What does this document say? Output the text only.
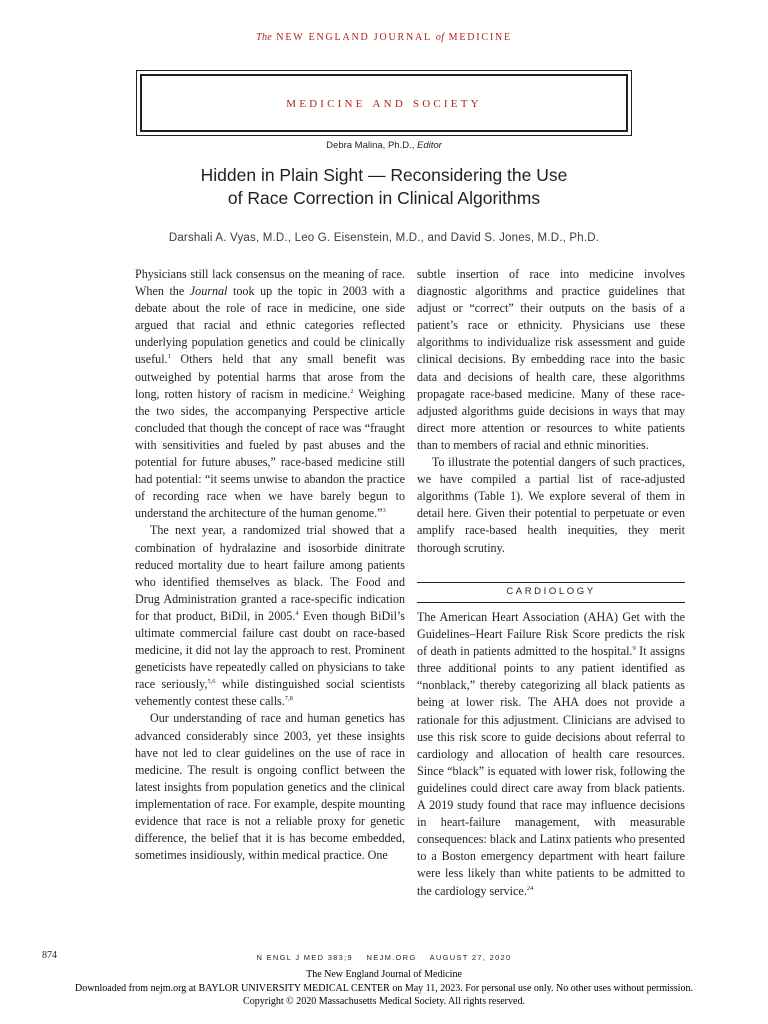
The NEW ENGLAND JOURNAL of MEDICINE
medicine and society
Debra Malina, Ph.D., Editor
Hidden in Plain Sight — Reconsidering the Use
of Race Correction in Clinical Algorithms
Darshali A. Vyas, M.D., Leo G. Eisenstein, M.D., and David S. Jones, M.D., Ph.D.

Physicians still lack consensus on the meaning of race. When the Journal took up the topic in 2003 with a debate about the role of race in medicine, one side argued that racial and ethnic categories reflected underlying population genetics and could be clinically useful.$^1$ Others held that any small benefit was outweighed by potential harms that arose from the long, rotten history of racism in medicine.$^2$ Weighing the two sides, the accompanying Perspective article concluded that though the concept of race was “fraught with sensitivities and fueled by past abuses and the potential for future abuses,” race-based medicine still had potential: “it seems unwise to abandon the practice of recording race when we have barely begun to understand the architecture of the human genome.”$^3$

The next year, a randomized trial showed that a combination of hydralazine and isosorbide dinitrate reduced mortality due to heart failure among patients who identified themselves as black. The Food and Drug Administration granted a race-specific indication for that product, BiDil, in 2005.$^4$ Even though BiDil’s ultimate commercial failure cast doubt on race-based medicine, it did not lay the approach to rest. Prominent geneticists have repeatedly called on physicians to take race seriously,$^{5,6}$ while distinguished social scientists vehemently contest these calls.$^{7,8}$

Our understanding of race and human genetics has advanced considerably since 2003, yet these insights have not led to clear guidelines on the use of race in medicine. The result is ongoing conflict between the latest insights from population genetics and the clinical implementation of race. For example, despite mounting evidence that race is not a reliable proxy for genetic difference, the belief that it is has become embedded, sometimes insidiously, within medical practice. One

subtle insertion of race into medicine involves diagnostic algorithms and practice guidelines that adjust or “correct” their outputs on the basis of a patient’s race or ethnicity. Physicians use these algorithms to individualize risk assessment and guide clinical decisions. By embedding race into the basic data and decisions of health care, these algorithms propagate race-based medicine. Many of these race-adjusted algorithms guide decisions in ways that may direct more attention or resources to white patients than to members of racial and ethnic minorities.

To illustrate the potential dangers of such practices, we have compiled a partial list of race-adjusted algorithms (Table 1). We explore several of them in detail here. Given their potential to perpetuate or even amplify race-based health inequities, they merit thorough scrutiny.

CARDIOLOGY

The American Heart Association (AHA) Get with the Guidelines–Heart Failure Risk Score predicts the risk of death in patients admitted to the hospital.$^9$ It assigns three additional points to any patient identified as “nonblack,” thereby categorizing all black patients as being at lower risk. The AHA does not provide a rationale for this adjustment. Clinicians are advised to use this risk score to guide decisions about referral to cardiology and allocation of health care resources. Since “black” is equated with lower risk, following the guidelines could direct care away from black patients. A 2019 study found that race may influence decisions in heart-failure management, with measurable consequences: black and Latinx patients who presented to a Boston emergency department with heart failure were less likely than white patients to be admitted to the cardiology service.$^{24}$

874	N ENGL J MED 383;9    NEJM.ORG    AUGUST 27, 2020
The New England Journal of Medicine
Downloaded from nejm.org at BAYLOR UNIVERSITY MEDICAL CENTER on May 11, 2023. For personal use only. No other uses without permission.
Copyright © 2020 Massachusetts Medical Society. All rights reserved.
